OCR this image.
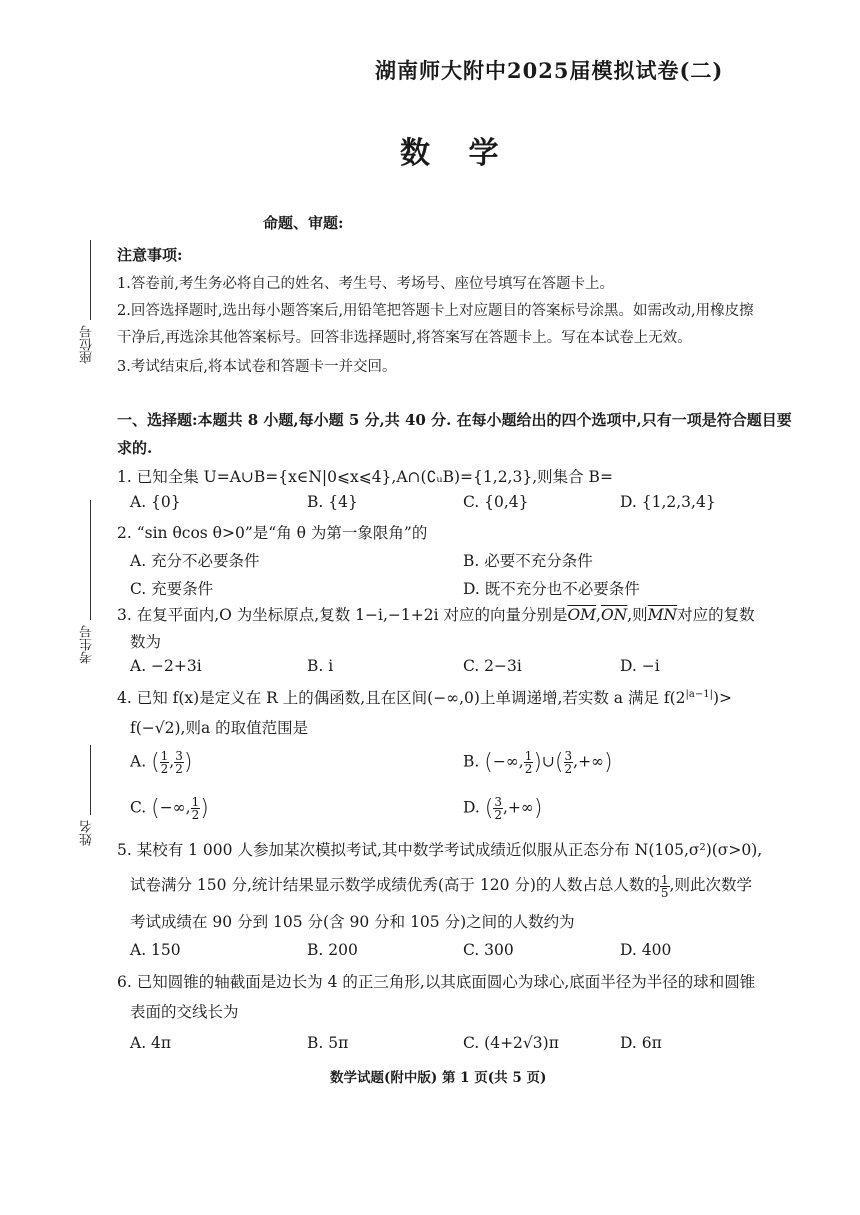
湖南师大附中2025届模拟试卷(二)
数 学
命题、审题:
座位号
考生号
姓名
注意事项:
1.答卷前,考生务必将自己的姓名、考生号、考场号、座位号填写在答题卡上。
2.回答选择题时,选出每小题答案后,用铅笔把答题卡上对应题目的答案标号涂黑。如需改动,用橡皮擦
干净后,再选涂其他答案标号。回答非选择题时,将答案写在答题卡上。写在本试卷上无效。
3.考试结束后,将本试卷和答题卡一并交回。
一、选择题:本题共 8 小题,每小题 5 分,共 40 分. 在每小题给出的四个选项中,只有一项是符合题目要
求的.
1. 已知全集 U=A∪B={x∈N|0⩽x⩽4},A∩(∁ᵤB)={1,2,3},则集合 B=
A. {0}	B. {4}	C. {0,4}	D. {1,2,3,4}
2. “sin θcos θ>0”是“角 θ 为第一象限角”的
A. 充分不必要条件	B. 必要不充分条件
C. 充要条件	D. 既不充分也不必要条件
3. 在复平面内,O 为坐标原点,复数 1−i,−1+2i 对应的向量分别是$\overline{OM},\overline{ON}$,则$\overline{MN}$对应的复数
数为
A. −2+3i	B. i	C. 2−3i	D. −i
4. 已知 f(x)是定义在 R 上的偶函数,且在区间(−∞,0)上单调递增,若实数 a 满足 $f(2^{|a-1|})>$
f(−√2),则a 的取值范围是
A. ( $\frac{1}{2}$ , $\frac{3}{2}$ )	B. (−∞, $\frac{1}{2}$ )∪( $\frac{3}{2}$ ,+∞)
C. (−∞, $\frac{1}{2}$ )	D. ( $\frac{3}{2}$ ,+∞)
5. 某校有 1 000 人参加某次模拟考试,其中数学考试成绩近似服从正态分布 N(105,σ²)(σ>0),
试卷满分 150 分,统计结果显示数学成绩优秀(高于 120 分)的人数占总人数的 $\frac{1}{5}$ ,则此次数学
考试成绩在 90 分到 105 分(含 90 分和 105 分)之间的人数约为
A. 150	B. 200	C. 300	D. 400
6. 已知圆锥的轴截面是边长为 4 的正三角形,以其底面圆心为球心,底面半径为半径的球和圆锥
表面的交线长为
A. 4π	B. 5π	C. (4+2√3)π	D. 6π
数学试题(附中版) 第 1 页(共 5 页)
